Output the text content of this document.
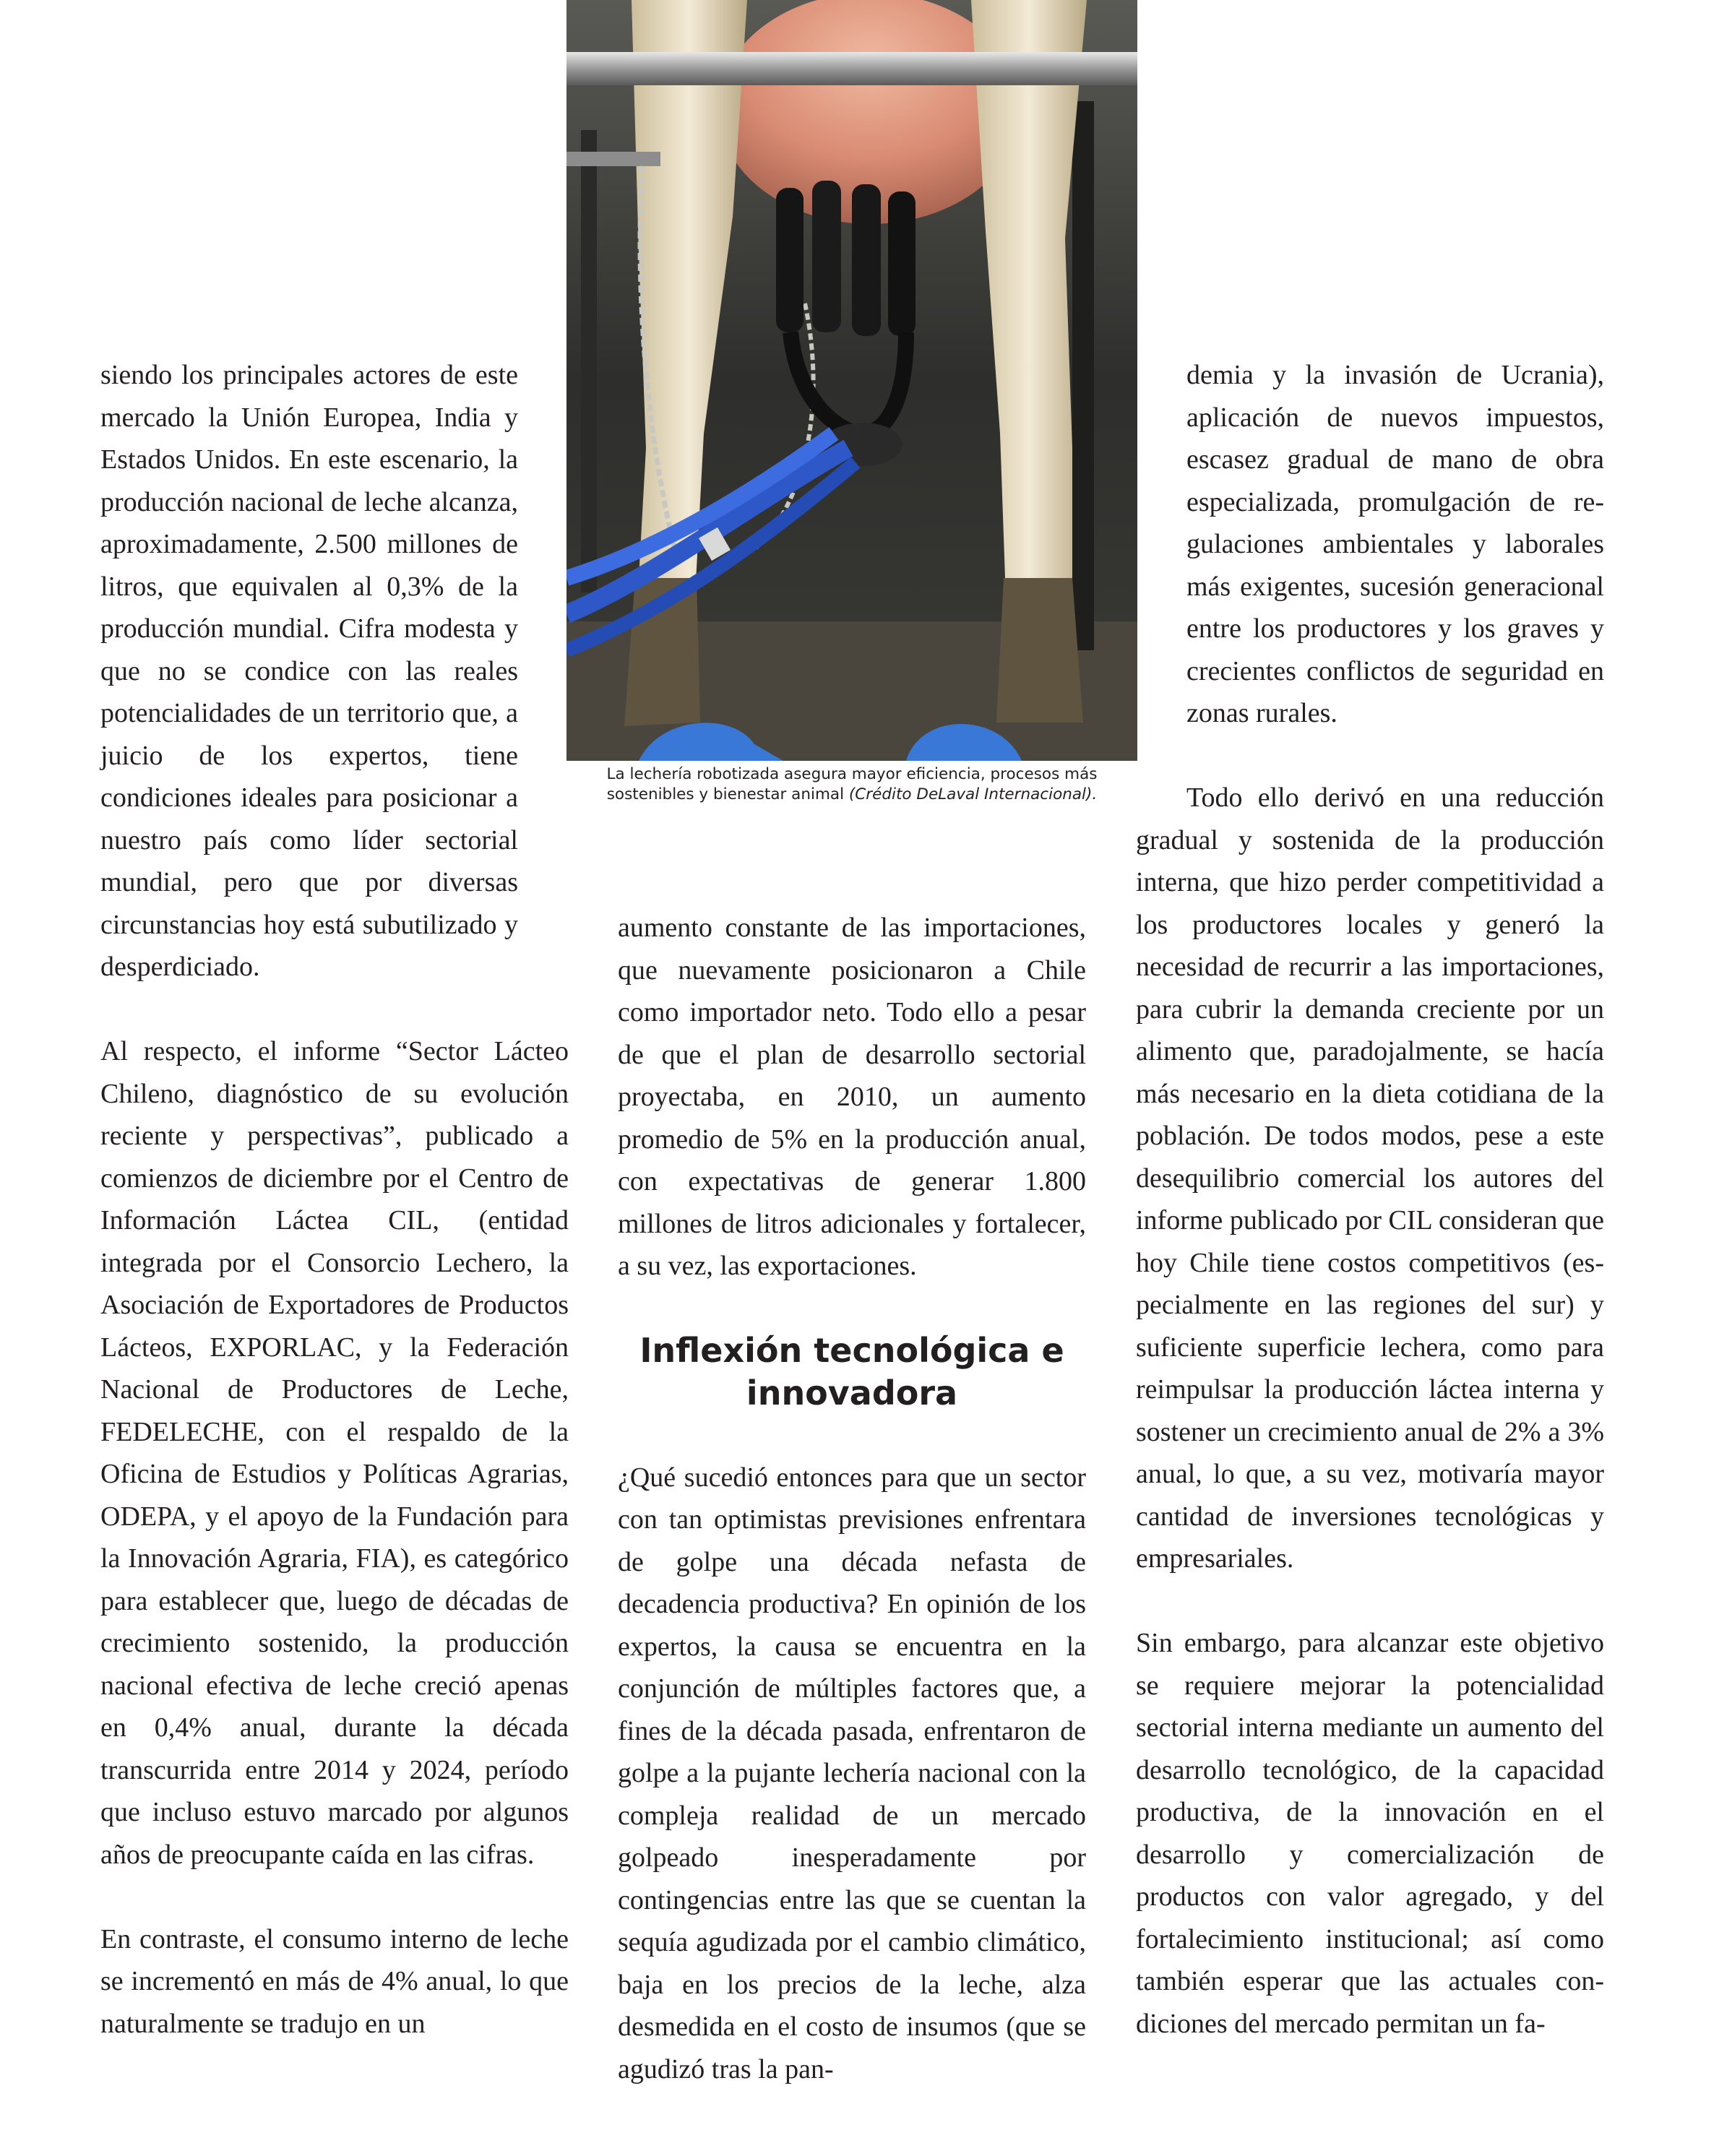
siendo los principales actores de este mercado la Unión Europea, India y Estados Unidos. En este escenario, la producción nacional de leche alcanza, aproximadamente, 2.500 millones de litros, que equivalen al 0,3% de la producción mundial. Cifra modesta y que no se condice con las reales potencialidades de un territorio que, a juicio de los expertos, tiene condiciones ideales para posicionar a nuestro país como líder sectorial mundial, pero que por diversas circunstancias hoy está subutilizado y desperdiciado.

Al respecto, el informe “Sector Lácteo Chileno, diagnóstico de su evolución reciente y perspectivas”, publicado a comienzos de diciembre por el Centro de Información Láctea CIL, (entidad integrada por el Consorcio Lechero, la Asociación de Exportadores de Productos Lácteos, EXPORLAC, y la Federación Nacional de Productores de Leche, FEDELECHE, con el respaldo de la Oficina de Estudios y Políticas Agrarias, ODEPA, y el apoyo de la Fundación para la Innovación Agraria, FIA), es categórico para establecer que, luego de décadas de crecimiento sostenido, la producción nacional efectiva de leche creció apenas en 0,4% anual, durante la década transcurrida entre 2014 y 2024, período que incluso estuvo marcado por algunos años de preocupante caída en las cifras.

En contraste, el consumo interno de leche se incrementó en más de 4% anual, lo que naturalmente se tradujo en un

La lechería robotizada asegura mayor eficiencia, procesos más sostenibles y bienestar animal (Crédito DeLaval Internacional).

aumento constante de las importaciones, que nuevamente posicionaron a Chile como importador neto. Todo ello a pesar de que el plan de desarrollo sectorial proyectaba, en 2010, un aumento promedio de 5% en la producción anual, con expectativas de generar 1.800 millones de litros adicionales y fortalecer, a su vez, las exportaciones.

Inflexión tecnológica e innovadora

¿Qué sucedió entonces para que un sector con tan optimistas previsiones enfrentara de golpe una década nefasta de decadencia productiva? En opinión de los expertos, la causa se encuentra en la conjunción de múltiples factores que, a fines de la década pasada, enfrentaron de golpe a la pujante lechería nacional con la compleja realidad de un mercado golpeado inesperadamente por contingencias entre las que se cuentan la sequía agudizada por el cambio climático, baja en los precios de la leche, alza desmedida en el costo de insumos (que se agudizó tras la pan-

demia y la invasión de Ucrania), aplicación de nuevos impuestos, escasez gradual de mano de obra especializada, promulgación de regulaciones ambientales y laborales más exigentes, sucesión generacional entre los productores y los graves y crecientes conflictos de seguridad en zonas rurales.

Todo ello derivó en una reducción gradual y sostenida de la producción interna, que hizo perder competitividad a los productores locales y generó la necesidad de recurrir a las importaciones, para cubrir la demanda creciente por un alimento que, paradojalmente, se hacía más necesario en la dieta cotidiana de la población. De todos modos, pese a este desequilibrio comercial los autores del informe publicado por CIL consideran que hoy Chile tiene costos competitivos (especialmente en las regiones del sur) y suficiente superficie lechera, como para reimpulsar la producción láctea interna y sostener un crecimiento anual de 2% a 3% anual, lo que, a su vez, motivaría mayor cantidad de inversiones tecnológicas y empresariales.

Sin embargo, para alcanzar este objetivo se requiere mejorar la potencialidad sectorial interna mediante un aumento del desarrollo tecnológico, de la capacidad productiva, de la innovación en el desarrollo y comercialización de productos con valor agregado, y del fortalecimiento institucional; así como también esperar que las actuales condiciones del mercado permitan un fa-
